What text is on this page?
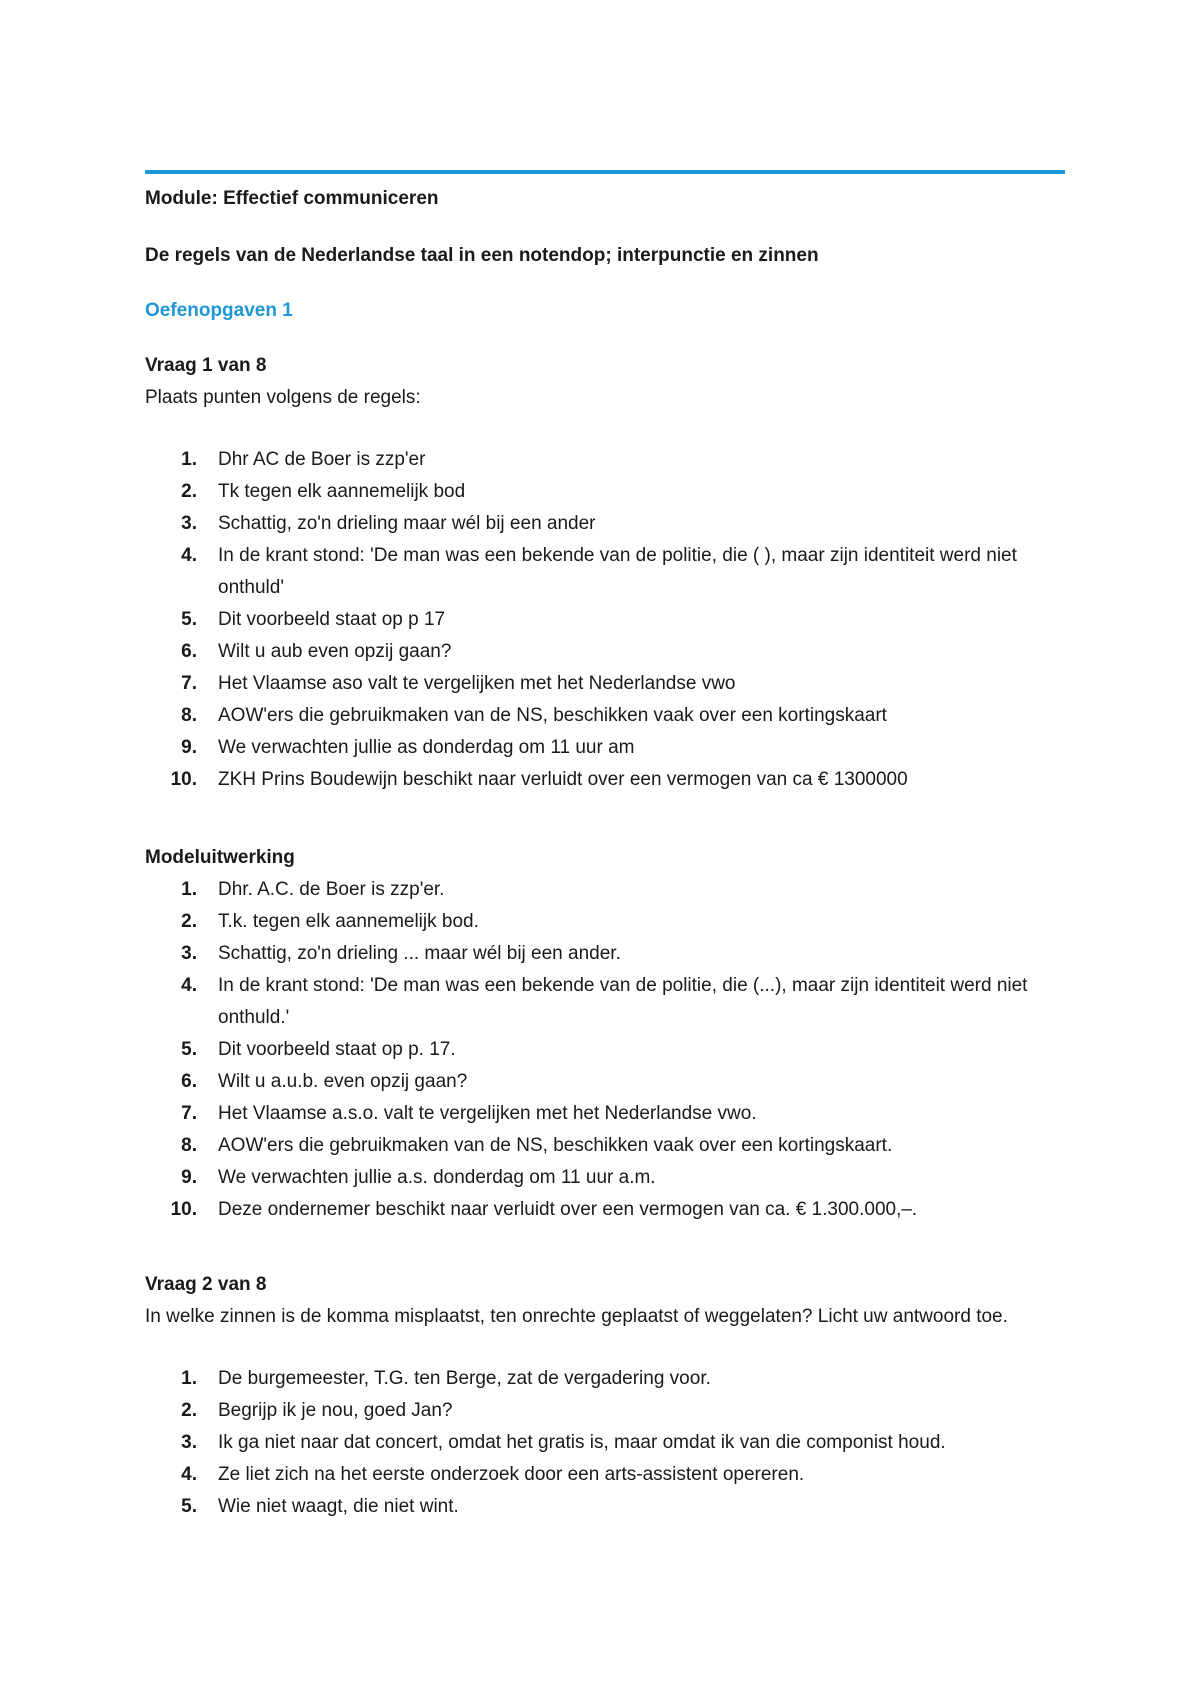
Module: Effectief communiceren

De regels van de Nederlandse taal in een notendop; interpunctie en zinnen

Oefenopgaven 1

Vraag 1 van 8

Plaats punten volgens de regels:

1. Dhr AC de Boer is zzp'er
2. Tk tegen elk aannemelijk bod
3. Schattig, zo'n drieling maar wél bij een ander
4. In de krant stond: 'De man was een bekende van de politie, die ( ), maar zijn identiteit werd niet onthuld'
5. Dit voorbeeld staat op p 17
6. Wilt u aub even opzij gaan?
7. Het Vlaamse aso valt te vergelijken met het Nederlandse vwo
8. AOW'ers die gebruikmaken van de NS, beschikken vaak over een kortingskaart
9. We verwachten jullie as donderdag om 11 uur am
10. ZKH Prins Boudewijn beschikt naar verluidt over een vermogen van ca € 1300000

Modeluitwerking

1. Dhr. A.C. de Boer is zzp'er.
2. T.k. tegen elk aannemelijk bod.
3. Schattig, zo'n drieling ... maar wél bij een ander.
4. In de krant stond: 'De man was een bekende van de politie, die (...), maar zijn identiteit werd niet onthuld.'
5. Dit voorbeeld staat op p. 17.
6. Wilt u a.u.b. even opzij gaan?
7. Het Vlaamse a.s.o. valt te vergelijken met het Nederlandse vwo.
8. AOW'ers die gebruikmaken van de NS, beschikken vaak over een kortingskaart.
9. We verwachten jullie a.s. donderdag om 11 uur a.m.
10. Deze ondernemer beschikt naar verluidt over een vermogen van ca. € 1.300.000,–.

Vraag 2 van 8

In welke zinnen is de komma misplaatst, ten onrechte geplaatst of weggelaten? Licht uw antwoord toe.

1. De burgemeester, T.G. ten Berge, zat de vergadering voor.
2. Begrijp ik je nou, goed Jan?
3. Ik ga niet naar dat concert, omdat het gratis is, maar omdat ik van die componist houd.
4. Ze liet zich na het eerste onderzoek door een arts-assistent opereren.
5. Wie niet waagt, die niet wint.
